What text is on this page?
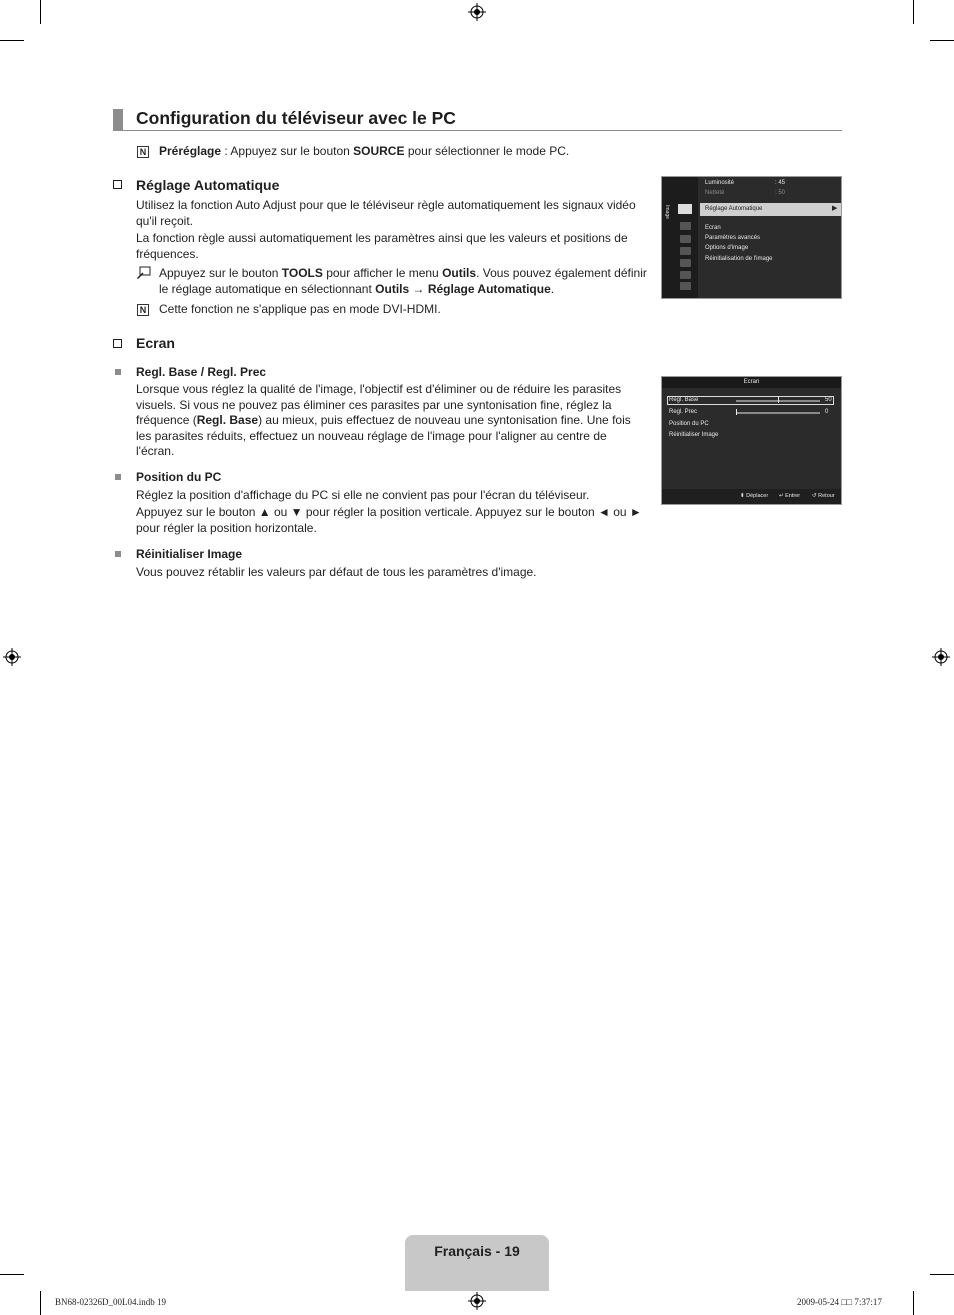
Configuration du téléviseur avec le PC
N Préréglage : Appuyez sur le bouton SOURCE pour sélectionner le mode PC.
Réglage Automatique
Utilisez la fonction Auto Adjust pour que le téléviseur règle automatiquement les signaux vidéo qu'il reçoit.
La fonction règle aussi automatiquement les paramètres ainsi que les valeurs et positions de fréquences.
Appuyez sur le bouton TOOLS pour afficher le menu Outils. Vous pouvez également définir le réglage automatique en sélectionnant Outils → Réglage Automatique.
N Cette fonction ne s'applique pas en mode DVI-HDMI.
Image
Luminosité	: 45
Netteté	: 50
Réglage Automatique	▶
Ecran
Paramètres avancés
Options d'image
Réinitialisation de l'image
Ecran
Regl. Base / Regl. Prec
Lorsque vous réglez la qualité de l'image, l'objectif est d'éliminer ou de réduire les parasites visuels. Si vous ne pouvez pas éliminer ces parasites par une syntonisation fine, réglez la fréquence (Regl. Base) au mieux, puis effectuez de nouveau une syntonisation fine. Une fois les parasites réduits, effectuez un nouveau réglage de l'image pour l'aligner au centre de l'écran.
Position du PC
Réglez la position d'affichage du PC si elle ne convient pas pour l'écran du téléviseur.
Appuyez sur le bouton ▲ ou ▼ pour régler la position verticale. Appuyez sur le bouton ◄ ou ► pour régler la position horizontale.
Réinitialiser Image
Vous pouvez rétablir les valeurs par défaut de tous les paramètres d'image.
Ecran
Regl. Base	50
Regl. Prec	0
Position du PC
Réinitialiser Image
⬍ Déplacer ↵ Entrer ↺ Retour
Français - 19
BN68-02326D_00L04.indb 19	2009-05-24 □□ 7:37:17
